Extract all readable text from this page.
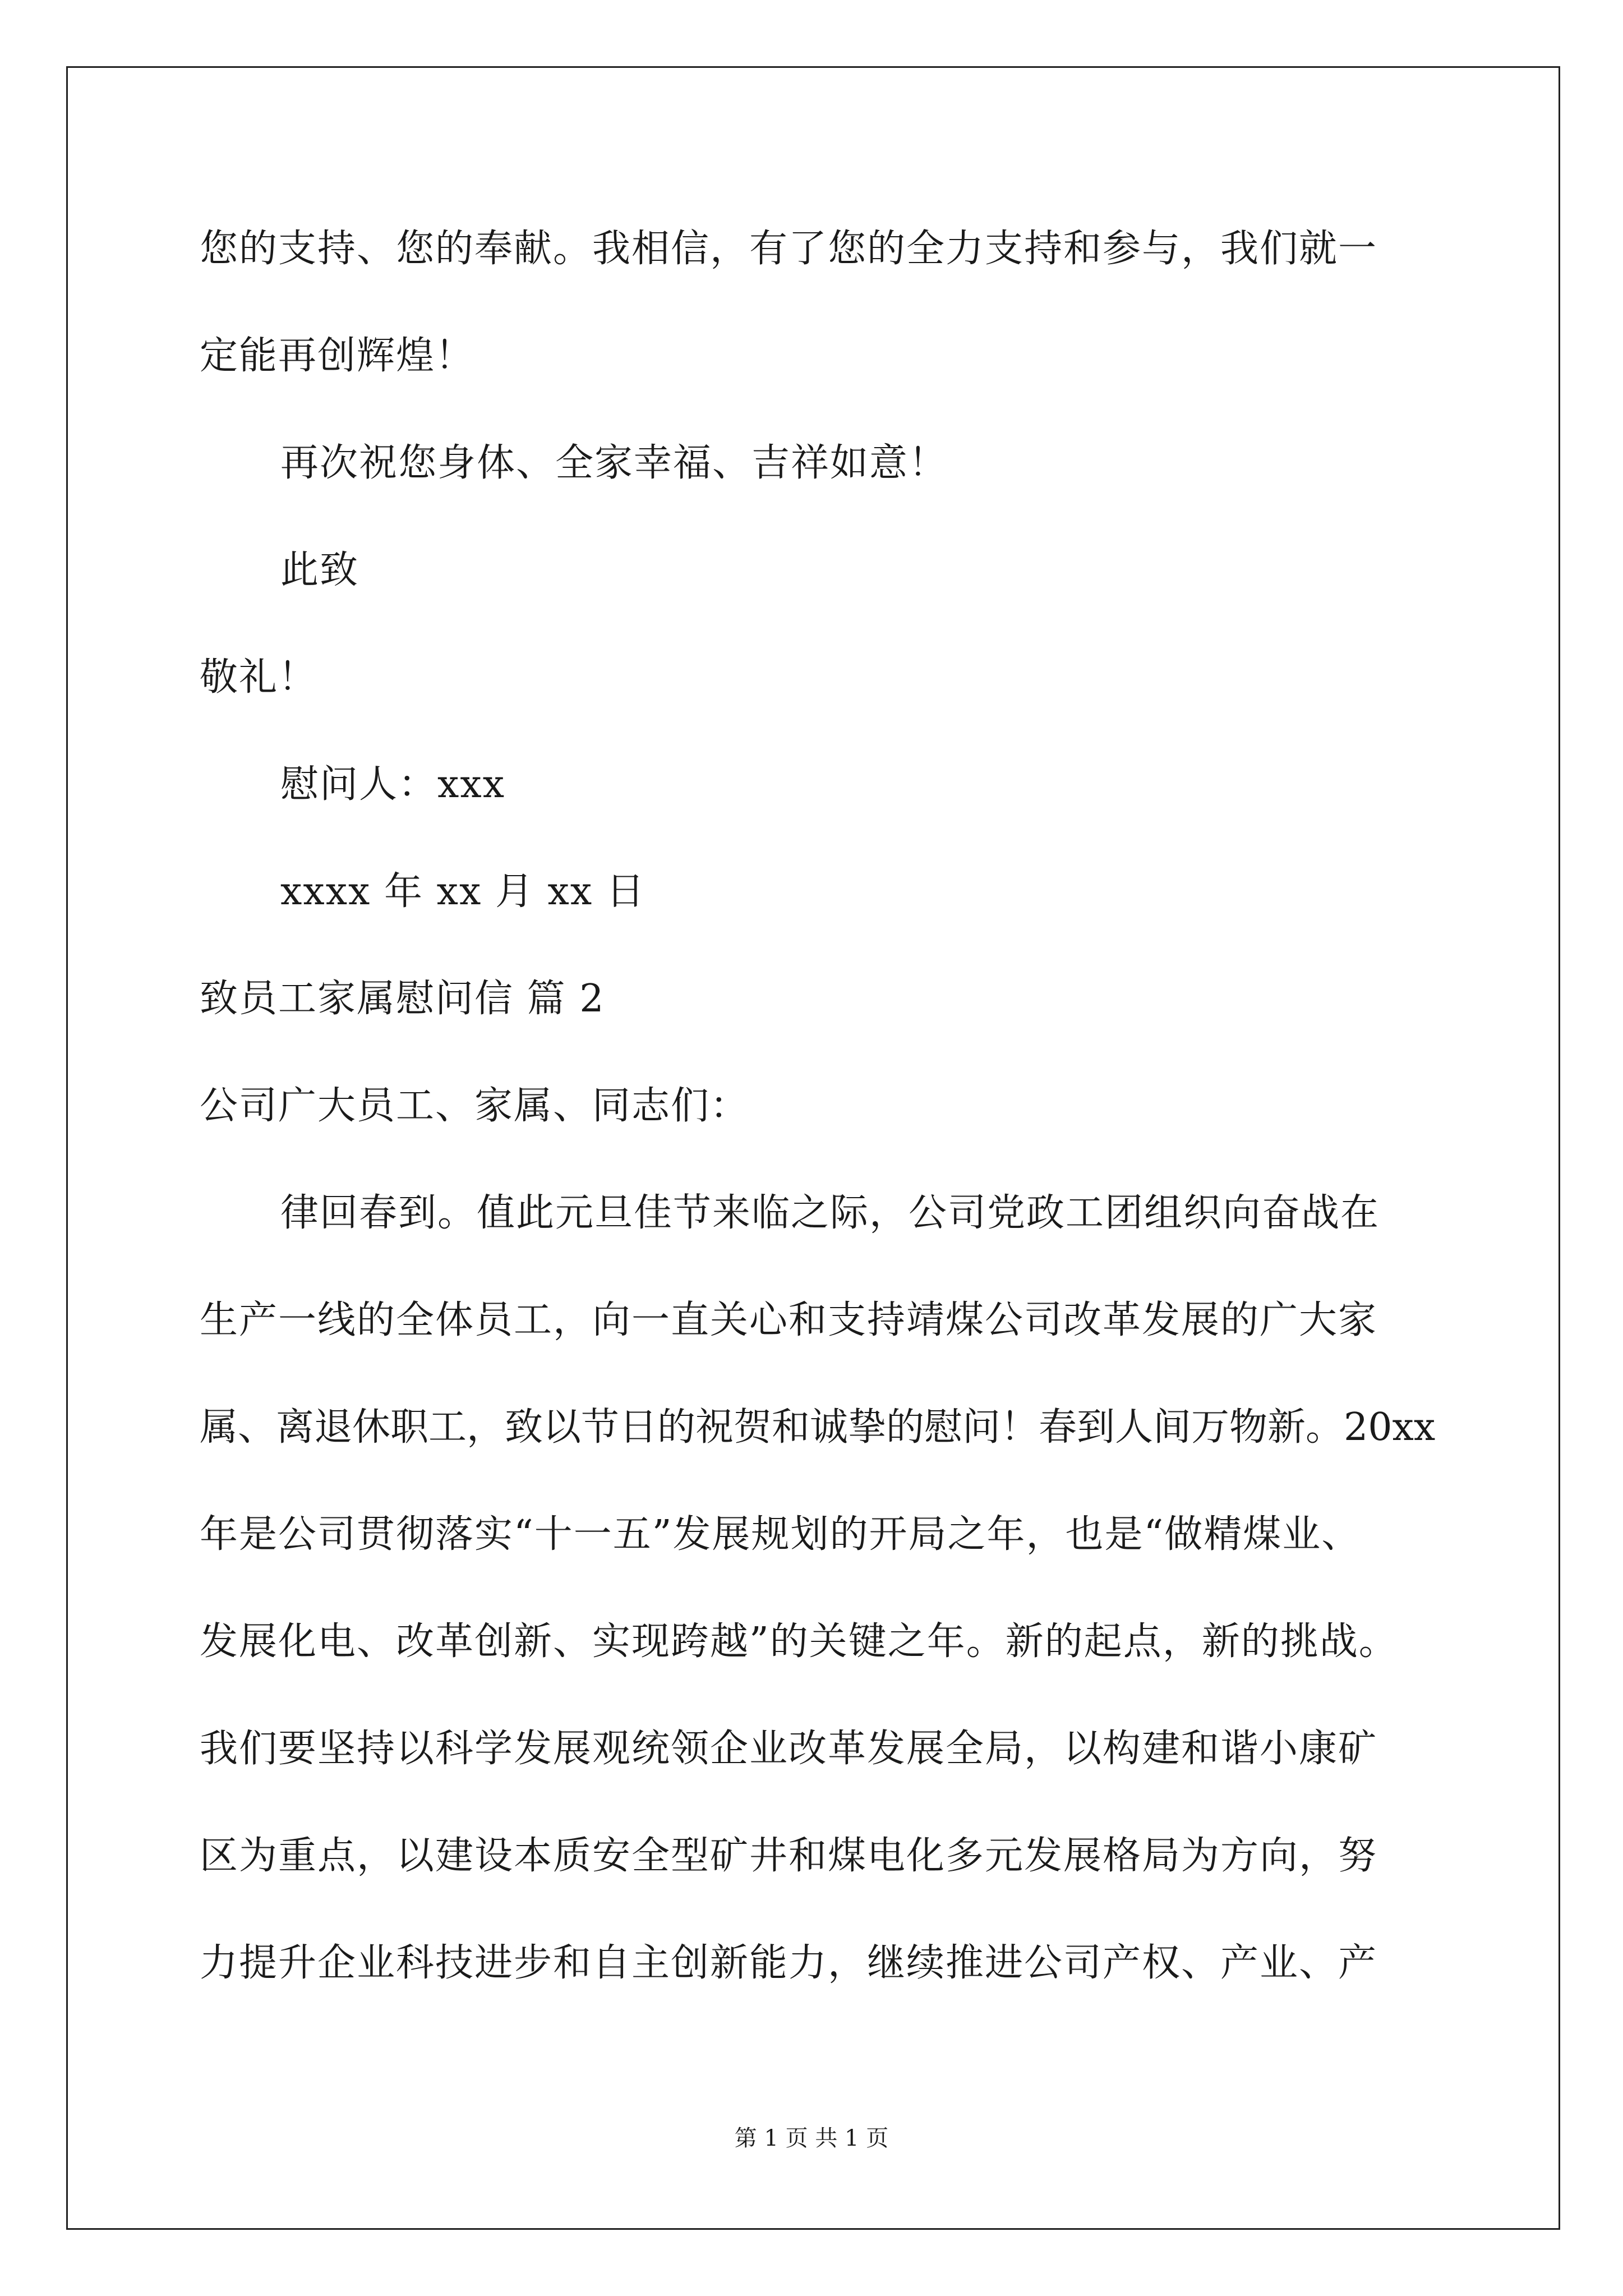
您的支持、您的奉献。我相信，有了您的全力支持和参与，我们就一

定能再创辉煌！

再次祝您身体、全家幸福、吉祥如意！

此致

敬礼！

慰问人：xxx

xxxx 年 xx 月 xx 日

致员工家属慰问信 篇 2

公司广大员工、家属、同志们：

律回春到。值此元旦佳节来临之际，公司党政工团组织向奋战在

生产一线的全体员工，向一直关心和支持靖煤公司改革发展的广大家

属、离退休职工，致以节日的祝贺和诚挚的慰问！春到人间万物新。20xx

年是公司贯彻落实“十一五”发展规划的开局之年，也是“做精煤业、

发展化电、改革创新、实现跨越”的关键之年。新的起点，新的挑战。

我们要坚持以科学发展观统领企业改革发展全局，以构建和谐小康矿

区为重点，以建设本质安全型矿井和煤电化多元发展格局为方向，努

力提升企业科技进步和自主创新能力，继续推进公司产权、产业、产

第 1 页 共 1 页
